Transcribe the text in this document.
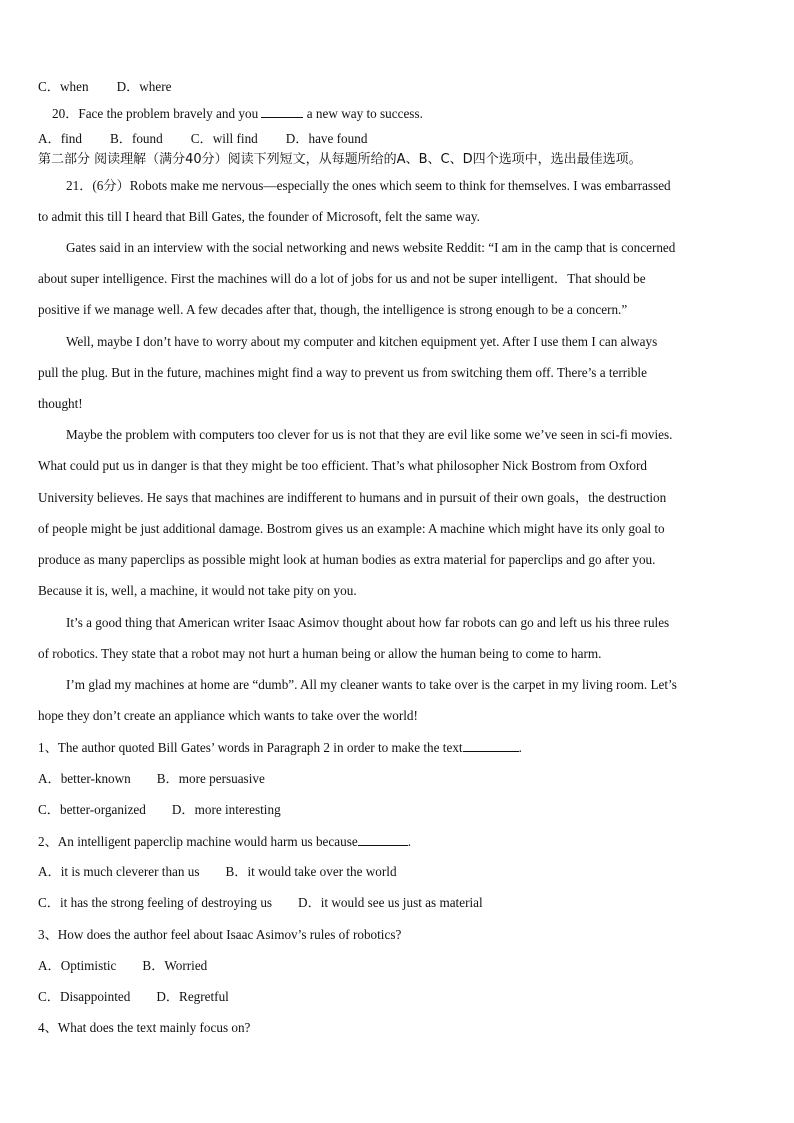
C．when D．where
20．Face the problem bravely and you	a new way to success.
A．find B．found C．will find D．have found
第二部分 阅读理解（满分40分）阅读下列短文，从每题所给的A、B、C、D四个选项中，选出最佳选项。
21．(6分）Robots make me nervous—especially the ones which seem to think for themselves. I was embarrassed
to admit this till I heard that Bill Gates, the founder of Microsoft, felt the same way.
Gates said in an interview with the social networking and news website Reddit: “I am in the camp that is concerned
about super intelligence. First the machines will do a lot of jobs for us and not be super intelligent．That should be
positive if we manage well. A few decades after that, though, the intelligence is strong enough to be a concern.”
Well, maybe I don’t have to worry about my computer and kitchen equipment yet. After I use them I can always
pull the plug. But in the future, machines might find a way to prevent us from switching them off. There’s a terrible
thought!
Maybe the problem with computers too clever for us is not that they are evil like some we’ve seen in sci-fi movies.
What could put us in danger is that they might be too efficient. That’s what philosopher Nick Bostrom from Oxford
University believes. He says that machines are indifferent to humans and in pursuit of their own goals，the destruction
of people might be just additional damage. Bostrom gives us an example: A machine which might have its only goal to
produce as many paperclips as possible might look at human bodies as extra material for paperclips and go after you.
Because it is, well, a machine, it would not take pity on you.
It’s a good thing that American writer Isaac Asimov thought about how far robots can go and left us his three rules
of robotics. They state that a robot may not hurt a human being or allow the human being to come to harm.
I’m glad my machines at home are “dumb”. All my cleaner wants to take over is the carpet in my living room. Let’s
hope they don’t create an appliance which wants to take over the world!
1、The author quoted Bill Gates’ words in Paragraph 2 in order to make the text	.
A．better-known B．more persuasive
C．better-organized D．more interesting
2、An intelligent paperclip machine would harm us because	.
A．it is much cleverer than us B．it would take over the world
C．it has the strong feeling of destroying us D．it would see us just as material
3、How does the author feel about Isaac Asimov’s rules of robotics?
A．Optimistic B．Worried
C．Disappointed D．Regretful
4、What does the text mainly focus on?
